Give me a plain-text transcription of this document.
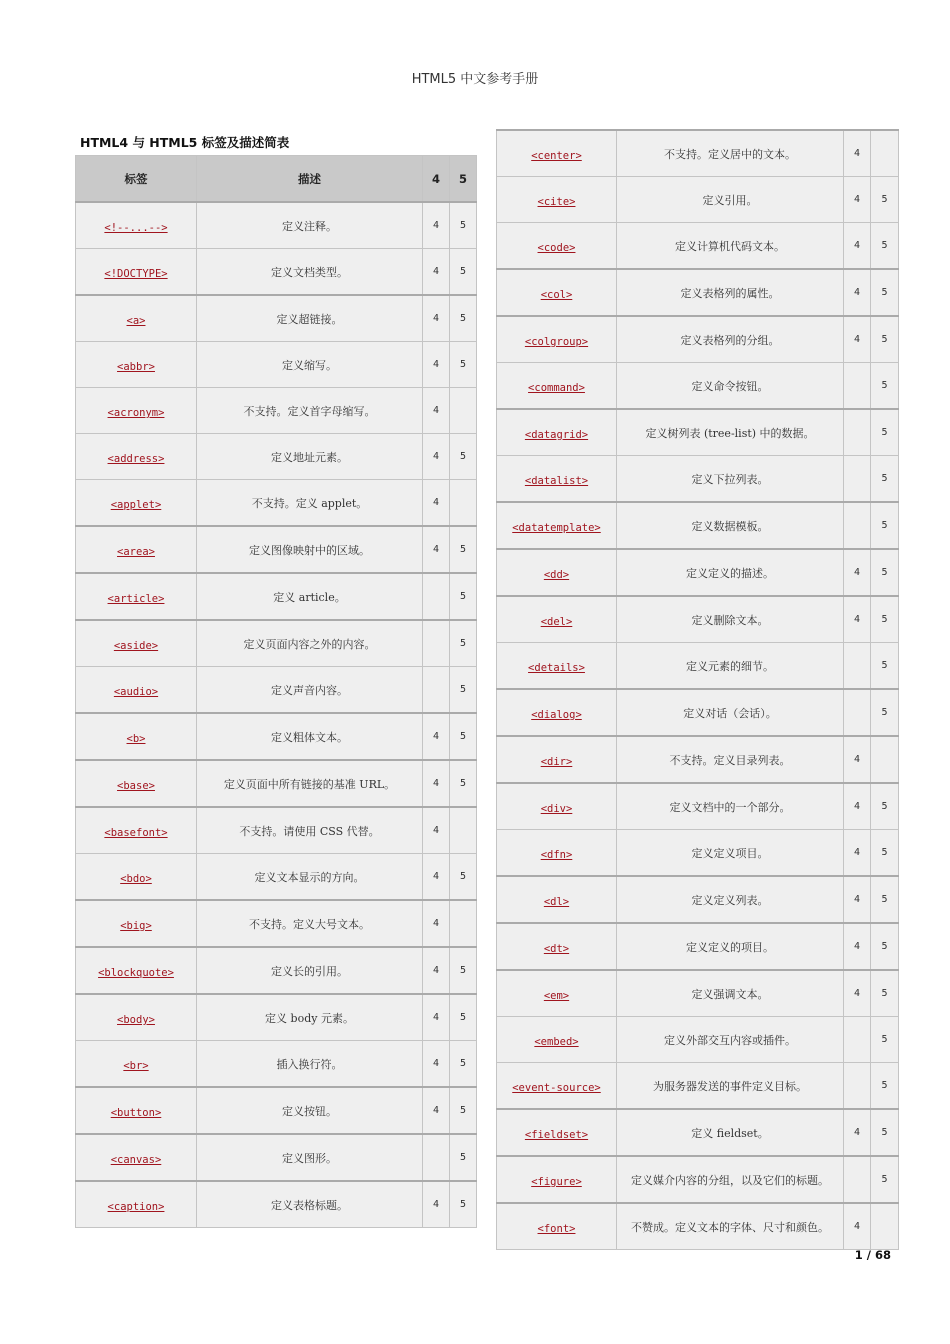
HTML5 中文参考手册
HTML4 与 HTML5 标签及描述简表
标签	描述	4	5
<!--...-->	定义注释。	4	5
<!DOCTYPE>	定义文档类型。	4	5
<a>	定义超链接。	4	5
<abbr>	定义缩写。	4	5
<acronym>	不支持。定义首字母缩写。	4	
<address>	定义地址元素。	4	5
<applet>	不支持。定义 applet。	4	
<area>	定义图像映射中的区域。	4	5
<article>	定义 article。		5
<aside>	定义页面内容之外的内容。		5
<audio>	定义声音内容。		5
<b>	定义粗体文本。	4	5
<base>	定义页面中所有链接的基准 URL。	4	5
<basefont>	不支持。请使用 CSS 代替。	4	
<bdo>	定义文本显示的方向。	4	5
<big>	不支持。定义大号文本。	4	
<blockquote>	定义长的引用。	4	5
<body>	定义 body 元素。	4	5
<br>	插入换行符。	4	5
<button>	定义按钮。	4	5
<canvas>	定义图形。		5
<caption>	定义表格标题。	4	5
<center>	不支持。定义居中的文本。	4	
<cite>	定义引用。	4	5
<code>	定义计算机代码文本。	4	5
<col>	定义表格列的属性。	4	5
<colgroup>	定义表格列的分组。	4	5
<command>	定义命令按钮。		5
<datagrid>	定义树列表 (tree-list) 中的数据。		5
<datalist>	定义下拉列表。		5
<datatemplate>	定义数据模板。		5
<dd>	定义定义的描述。	4	5
<del>	定义删除文本。	4	5
<details>	定义元素的细节。		5
<dialog>	定义对话（会话）。		5
<dir>	不支持。定义目录列表。	4	
<div>	定义文档中的一个部分。	4	5
<dfn>	定义定义项目。	4	5
<dl>	定义定义列表。	4	5
<dt>	定义定义的项目。	4	5
<em>	定义强调文本。	4	5
<embed>	定义外部交互内容或插件。		5
<event-source>	为服务器发送的事件定义目标。		5
<fieldset>	定义 fieldset。	4	5
<figure>	定义媒介内容的分组，以及它们的标题。		5
<font>	不赞成。定义文本的字体、尺寸和颜色。	4	
1 / 68
